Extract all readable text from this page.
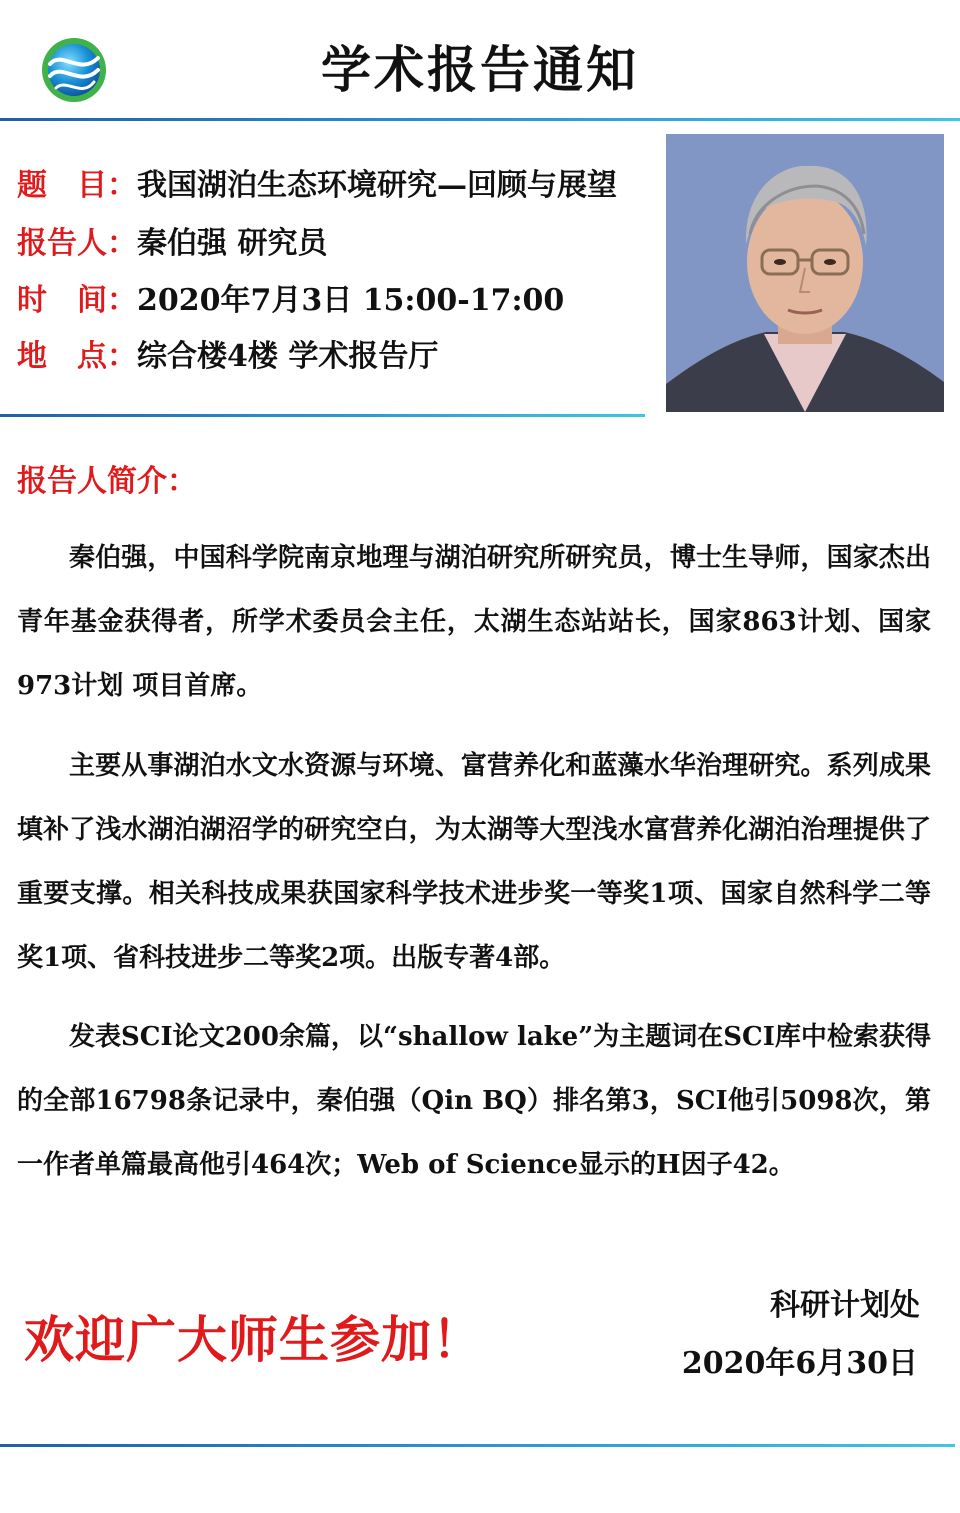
学术报告通知
题　目：我国湖泊生态环境研究—回顾与展望
报告人：秦伯强 研究员
时　间：2020年7月3日 15:00-17:00
地　点：综合楼4楼 学术报告厅
报告人简介：
秦伯强，中国科学院南京地理与湖泊研究所研究员，博士生导师，国家杰出青年基金获得者，所学术委员会主任，太湖生态站站长，国家863计划、国家973计划 项目首席。
主要从事湖泊水文水资源与环境、富营养化和蓝藻水华治理研究。系列成果填补了浅水湖泊湖沼学的研究空白，为太湖等大型浅水富营养化湖泊治理提供了重要支撑。相关科技成果获国家科学技术进步奖一等奖1项、国家自然科学二等奖1项、省科技进步二等奖2项。出版专著4部。
发表SCI论文200余篇，以“shallow lake”为主题词在SCI库中检索获得的全部16798条记录中，秦伯强（Qin BQ）排名第3，SCI他引5098次，第一作者单篇最高他引464次；Web of Science显示的H因子42。
欢迎广大师生参加！
科研计划处
2020年6月30日
